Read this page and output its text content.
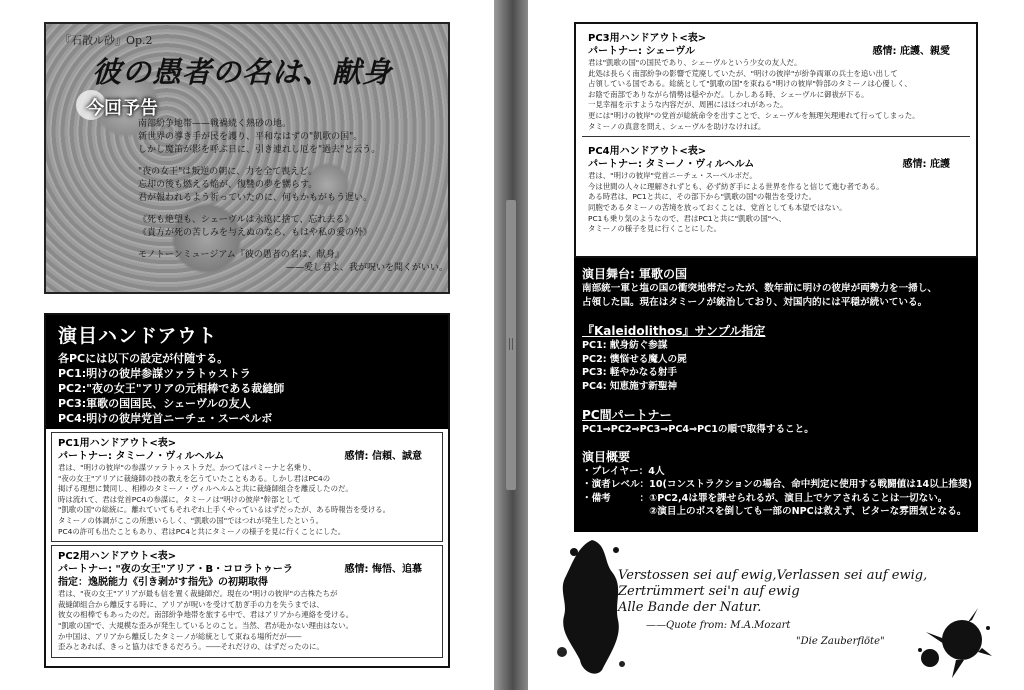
『石散ル砂』Op.2
彼の愚者の名は、献身
今回予告

南部紛争地帯——戦禍続く熱砂の地。

新世界の導き手が民を護り、平和なはずの"凱歌の国"。

しかし魔笛が影を呼ぶ日に、引き連れし厄を"過去"と云う。

"夜の女王"は叛逆の朝に、力を全て喪えど。

忘却の後も燃える焔が、復讐の夢を嬲らす。

君が報われるよう祈っていたのに、何もかもがもう遅い。

《死も絶望も、シェーヴルは永遠に捨て、忘れ去る》

《貴方が死の苦しみを与えぬのなら、もはや私の愛の外》

モノトーンミュージアム『彼の愚者の名は、献身』

——愛し君よ、我が呪いを聞くがいい。

演目ハンドアウト

各PCには以下の設定が付随する。

PC1:明けの彼岸参謀ツァラトゥストラ

PC2:"夜の女王"アリアの元相棒である裁縫師

PC3:軍歌の国国民、シェーヴルの友人

PC4:明けの彼岸党首ニーチェ・スーペルボ

PC1用ハンドアウト<表>
パートナー: タミーノ・ヴィルヘルム	感情: 信頼、誠意

君は、"明けの彼岸"の参謀ツァラトゥストラだ。かつてはパミーナと名乗り、

"夜の女王"アリアに裁縫師の技の教えを乞うていたこともある。しかし君はPC4の

掲げる理想に賛同し、相棒のタミーノ・ヴィルヘルムと共に裁縫師組合を離反したのだ。

時は流れて、君は党首PC4の参謀に。タミーノは"明けの彼岸"幹部として

"凱歌の国"の総統に。離れていてもそれぞれ上手くやっているはずだったが、ある時報告を受ける。

タミーノの体調がここの所悪いらしく、"凱歌の国"ではつれが発生したという。

PC4の許可も出たこともあり、君はPC4と共にタミーノの様子を見に行くことにした。

PC2用ハンドアウト<表>
パートナー: "夜の女王"アリア・B・コロラトゥーラ	感情: 悔悟、追慕
指定：逸脱能力《引き剥がす指先》の初期取得

君は、"夜の女王"アリアが最も信を置く裁縫師だ。現在の"明けの彼岸"の古株たちが

裁縫師組合から離反する時に、アリアが呪いを受けて肪ぎ手の力を失うまでは、

彼女の相棒でもあったのだ。南部紛争地帯を旅する中で、君はアリアから連絡を受ける。

"凱歌の国"で、大規模な歪みが発生しているとのこと。当然、君が赴かない理由はない。

か中国は、アリアから離反したタミーノが総統として束ねる場所だが――

歪みとあれば、きっと協力はできるだろう。――それだけの、はずだったのに。

PC3用ハンドアウト<表>
パートナー: シェーヴル	感情: 庇護、親愛

君は"凱歌の国"の国民であり、シェーヴルという少女の友人だ。

此処は長らく南部紛争の影響で荒廃していたが、"明けの彼岸"が紛争両軍の兵士を追い出して

占領している国である。総統として"凱歌の国"を束ねる"明けの彼岸"幹部のタミーノは心優しく、

お陰で南部でありながら情勢は穏やかだ。しかしある時、シェーヴルに御祓が下る。

一見幸福を示すような内容だが、周囲にはほつれがあった。

更には"明けの彼岸"の党首が総統命令を出すことで、シェーヴルを無理矢理連れて行ってしまった。

タミーノの真意を問え、シェーヴルを助けなければ。

PC4用ハンドアウト<表>
パートナー: タミーノ・ヴィルヘルム	感情: 庇護

君は、"明けの彼岸"党首ニーチェ・スーペルボだ。

今は世間の人々に理解されずとも、必ず紡ぎ手による世界を作ると信じて進む者である。

ある時君は、PC1と共に、その部下から"凱歌の国"の報告を受けた。

同胞であるタミーノの苦境を放っておくことは、党首としても本望ではない。

PC1も乗り気のようなので、君はPC1と共に"凱歌の国"へ、

タミーノの様子を見に行くことにした。

演目舞台: 軍歌の国

南部統一軍と塩の国の衝突地帯だったが、数年前に明けの彼岸が両勢力を一掃し、

占領した国。現在はタミーノが統治しており、対国内的には平穏が続いている。

『Kaleidolithos』サンプル指定

PC1: 献身紡ぐ参謀

PC2: 懊悩せる魔人の屍

PC3: 軽やかなる射手

PC4: 知恵施す新聖神

PC間パートナー

PC1⇒PC2⇒PC3⇒PC4⇒PC1の順で取得すること。

演目概要

・プレイヤー：4人

・演者レベル：10(コンストラクションの場合、命中判定に使用する戦闘値は14以上推奨)

・備考　　　：①PC2,4は罪を課せられるが、演目上でケアされることは一切ない。

　　　　　　　②演目上のボスを倒しても一部のNPCは救えず、ビターな雰囲気となる。

Verstossen sei auf ewig,Verlassen sei auf ewig,

Zertrümmert sei'n auf ewig

Alle Bande der Natur.

——Quote from: M.A.Mozart

"Die Zauberflöte"
